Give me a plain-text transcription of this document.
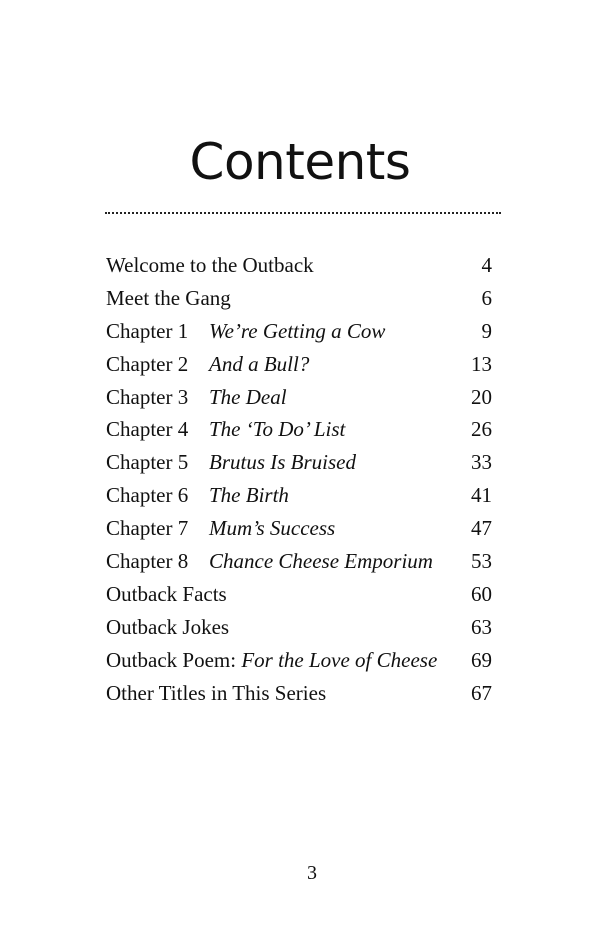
Contents
Welcome to the Outback	4
Meet the Gang	6
Chapter 1 We’re Getting a Cow	9
Chapter 2 And a Bull?	13
Chapter 3 The Deal	20
Chapter 4 The ‘To Do’ List	26
Chapter 5 Brutus Is Bruised	33
Chapter 6 The Birth	41
Chapter 7 Mum’s Success	47
Chapter 8 Chance Cheese Emporium 53
Outback Facts	60
Outback Jokes	63
Outback Poem: For the Love of Cheese 69
Other Titles in This Series	67
3
